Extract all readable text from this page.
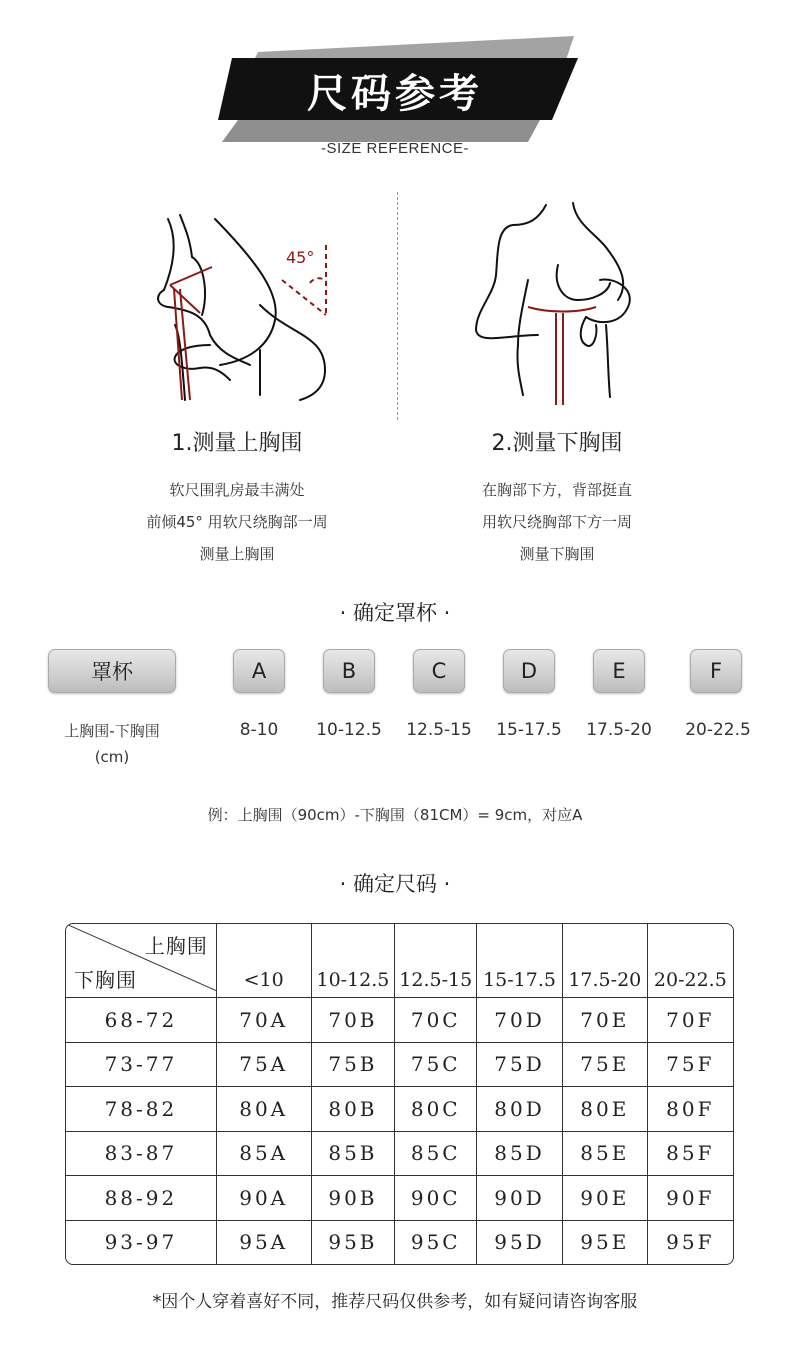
尺码参考
-SIZE REFERENCE-
45°
1.测量上胸围
软尺围乳房最丰满处
前倾45° 用软尺绕胸部一周
测量上胸围
2.测量下胸围
在胸部下方，背部挺直
用软尺绕胸部下方一周
测量下胸围
· 确定罩杯 ·
罩杯	A	B	C	D	E	F
上胸围-下胸围
(cm)
8-10	10-12.5	12.5-15	15-17.5	17.5-20	20-22.5
例：上胸围（90cm）-下胸围（81CM）= 9cm，对应A
· 确定尺码 ·
上胸围
下胸围	<10	10-12.5	12.5-15	15-17.5	17.5-20	20-22.5
68-72	70A	70B	70C	70D	70E	70F
73-77	75A	75B	75C	75D	75E	75F
78-82	80A	80B	80C	80D	80E	80F
83-87	85A	85B	85C	85D	85E	85F
88-92	90A	90B	90C	90D	90E	90F
93-97	95A	95B	95C	95D	95E	95F
*因个人穿着喜好不同，推荐尺码仅供参考，如有疑问请咨询客服
